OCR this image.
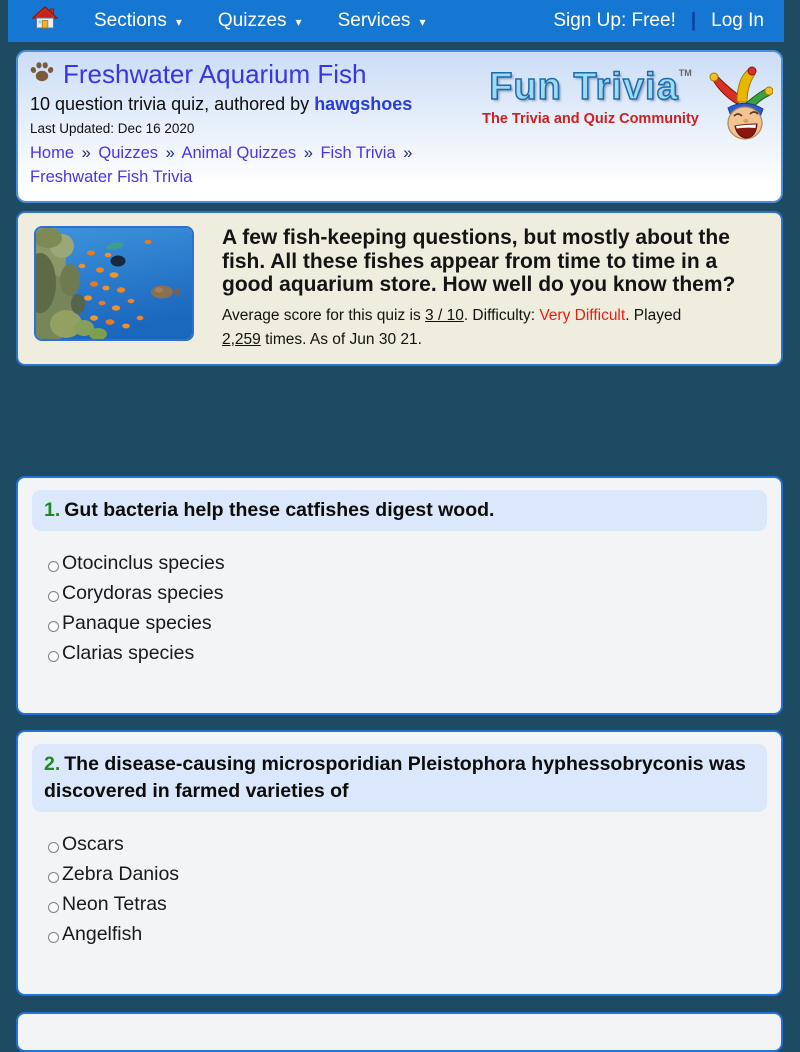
Sections ▾ Quizzes ▾ Services ▾	Sign Up: Free! | Log In
Freshwater Aquarium Fish
10 question trivia quiz, authored by hawgshoes
Last Updated: Dec 16 2020
Home » Quizzes » Animal Quizzes » Fish Trivia » Freshwater Fish Trivia
Fun Trivia™
The Trivia and Quiz Community
A few fish-keeping questions, but mostly about the fish. All these fishes appear from time to time in a good aquarium store. How well do you know them?
Average score for this quiz is 3 / 10. Difficulty: Very Difficult. Played
2,259 times. As of Jun 30 21.
1. Gut bacteria help these catfishes digest wood.
Otocinclus species
Corydoras species
Panaque species
Clarias species
2. The disease-causing microsporidian Pleistophora hyphessobryconis was discovered in farmed varieties of
Oscars
Zebra Danios
Neon Tetras
Angelfish
